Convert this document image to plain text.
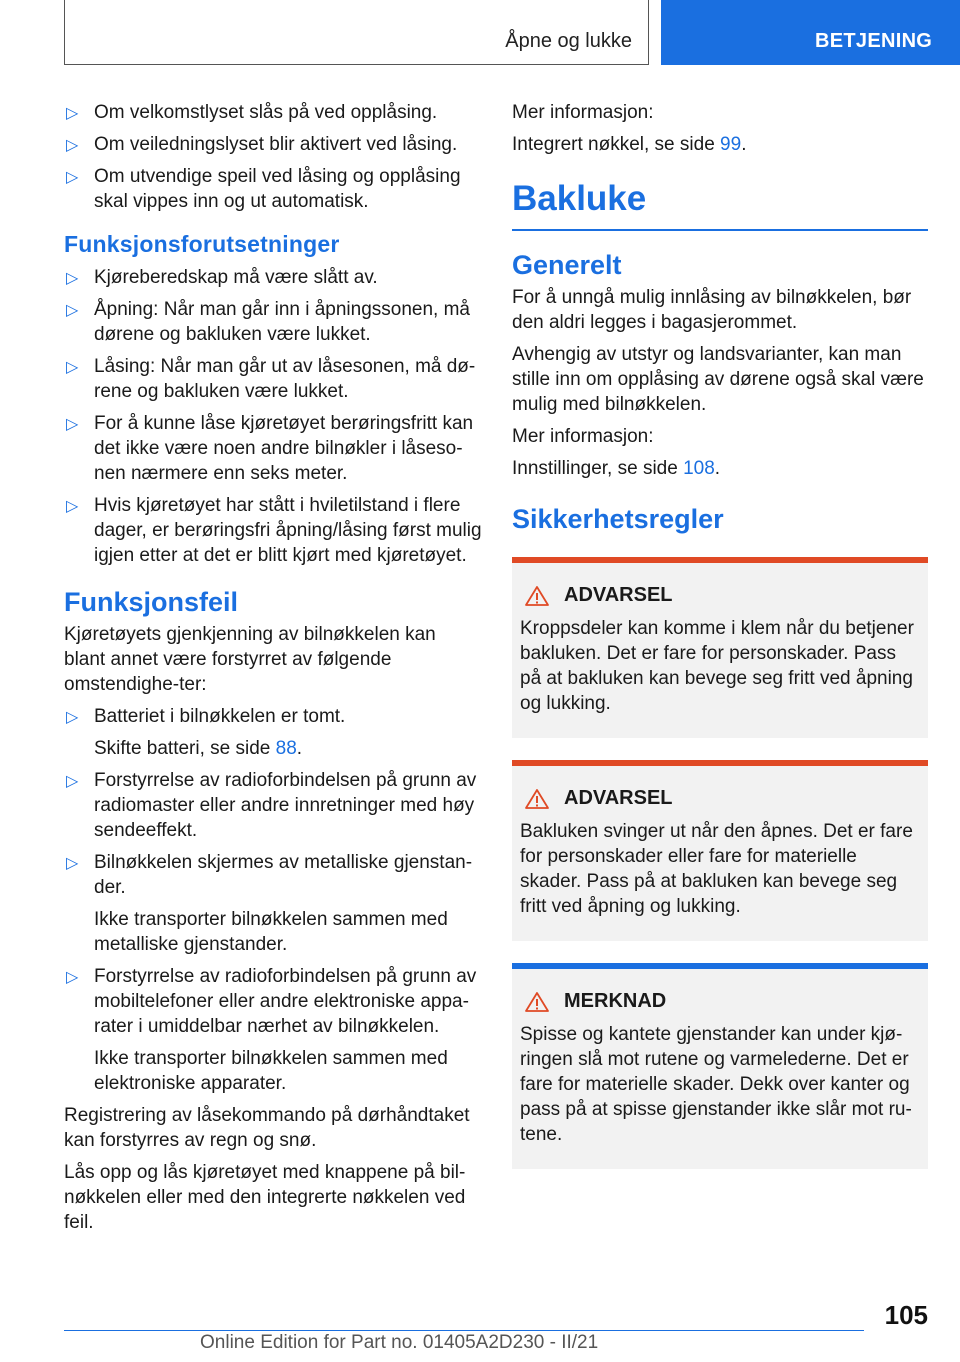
Åpne og lukke	BETJENING
▷ Om velkomstlyset slås på ved opplåsing.
▷ Om veiledningslyset blir aktivert ved låsing.
▷ Om utvendige speil ved låsing og opplåsing skal vippes inn og ut automatisk.
Funksjonsforutsetninger
▷ Kjørеberedskap må være slått av.
▷ Åpning: Når man går inn i åpningssonen, må dørene og bakluken være lukket.
▷ Låsing: Når man går ut av låsesonen, må dø-rene og bakluken være lukket.
▷ For å kunne låse kjøretøyet berøringsfritt kan det ikke være noen andre bilnøkler i låseso-nen nærmere enn seks meter.
▷ Hvis kjøretøyet har stått i hviletilstand i flere dager, er berøringsfri åpning/låsing først mulig igjen etter at det er blitt kjørt med kjøretøyet.
Funksjonsfeil
Kjøretøyets gjenkjenning av bilnøkkelen kan blant annet være forstyrret av følgende omstendighe-ter:
▷ Batteriet i bilnøkkelen er tomt.
Skifte batteri, se side 88.
▷ Forstyrrelse av radioforbindelsen på grunn av radiomaster eller andre innretninger med høy sendeeffekt.
▷ Bilnøkkelen skjermes av metalliske gjenstan-der.
Ikke transporter bilnøkkelen sammen med metalliske gjenstander.
▷ Forstyrrelse av radioforbindelsen på grunn av mobiltelefoner eller andre elektroniske appa-rater i umiddelbar nærhet av bilnøkkelen.
Ikke transporter bilnøkkelen sammen med elektroniske apparater.
Registrering av låsekommando på dørhåndtaket kan forstyrres av regn og snø.
Lås opp og lås kjøretøyet med knappene på bil-nøkkelen eller med den integrerte nøkkelen ved feil.
Mer informasjon:
Integrert nøkkel, se side 99.
Bakluke
Generelt
For å unngå mulig innlåsing av bilnøkkelen, bør den aldri legges i bagasjerommet.
Avhengig av utstyr og landsvarianter, kan man stille inn om opplåsing av dørene også skal være mulig med bilnøkkelen.
Mer informasjon:
Innstillinger, se side 108.
Sikkerhetsregler
ADVARSEL
Kroppsdeler kan komme i klem når du betjener bakluken. Det er fare for personskader. Pass på at bakluken kan bevege seg fritt ved åpning og lukking.
ADVARSEL
Bakluken svinger ut når den åpnes. Det er fare for personskader eller fare for materielle skader. Pass på at bakluken kan bevege seg fritt ved åpning og lukking.
MERKNAD
Spisse og kantete gjenstander kan under kjø-ringen slå mot rutene og varmelederne. Det er fare for materielle skader. Dekk over kanter og pass på at spisse gjenstander ikke slår mot ru-tene.
105
Online Edition for Part no. 01405A2D230 - II/21
